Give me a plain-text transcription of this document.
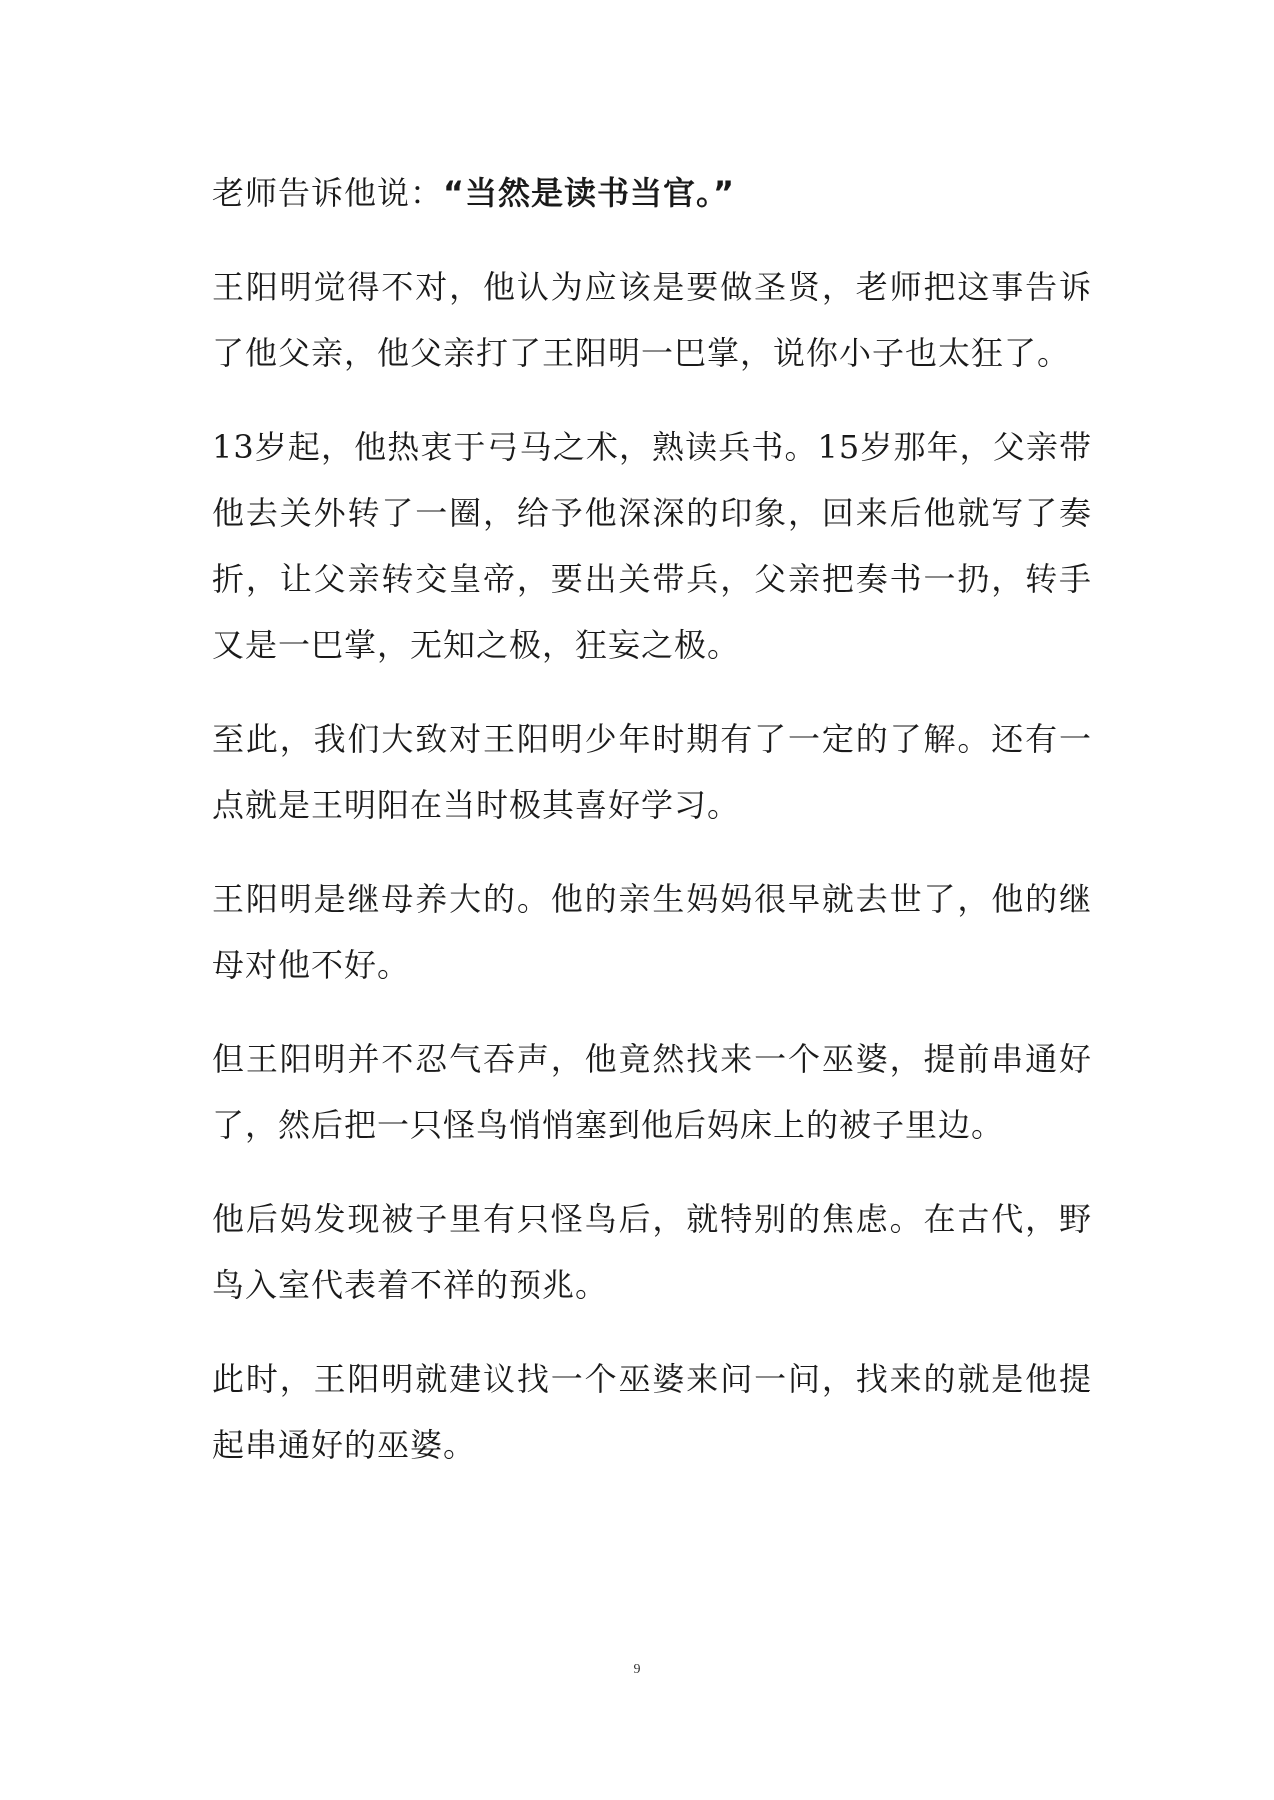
老师告诉他说：“当然是读书当官。”

王阳明觉得不对，他认为应该是要做圣贤，老师把这事告诉了他父亲，他父亲打了王阳明一巴掌，说你小子也太狂了。

13岁起，他热衷于弓马之术，熟读兵书。15岁那年，父亲带他去关外转了一圈，给予他深深的印象，回来后他就写了奏折，让父亲转交皇帝，要出关带兵，父亲把奏书一扔，转手又是一巴掌，无知之极，狂妄之极。

至此，我们大致对王阳明少年时期有了一定的了解。还有一点就是王明阳在当时极其喜好学习。

王阳明是继母养大的。他的亲生妈妈很早就去世了，他的继母对他不好。

但王阳明并不忍气吞声，他竟然找来一个巫婆，提前串通好了，然后把一只怪鸟悄悄塞到他后妈床上的被子里边。

他后妈发现被子里有只怪鸟后，就特别的焦虑。在古代，野鸟入室代表着不祥的预兆。

此时，王阳明就建议找一个巫婆来问一问，找来的就是他提起串通好的巫婆。

9
